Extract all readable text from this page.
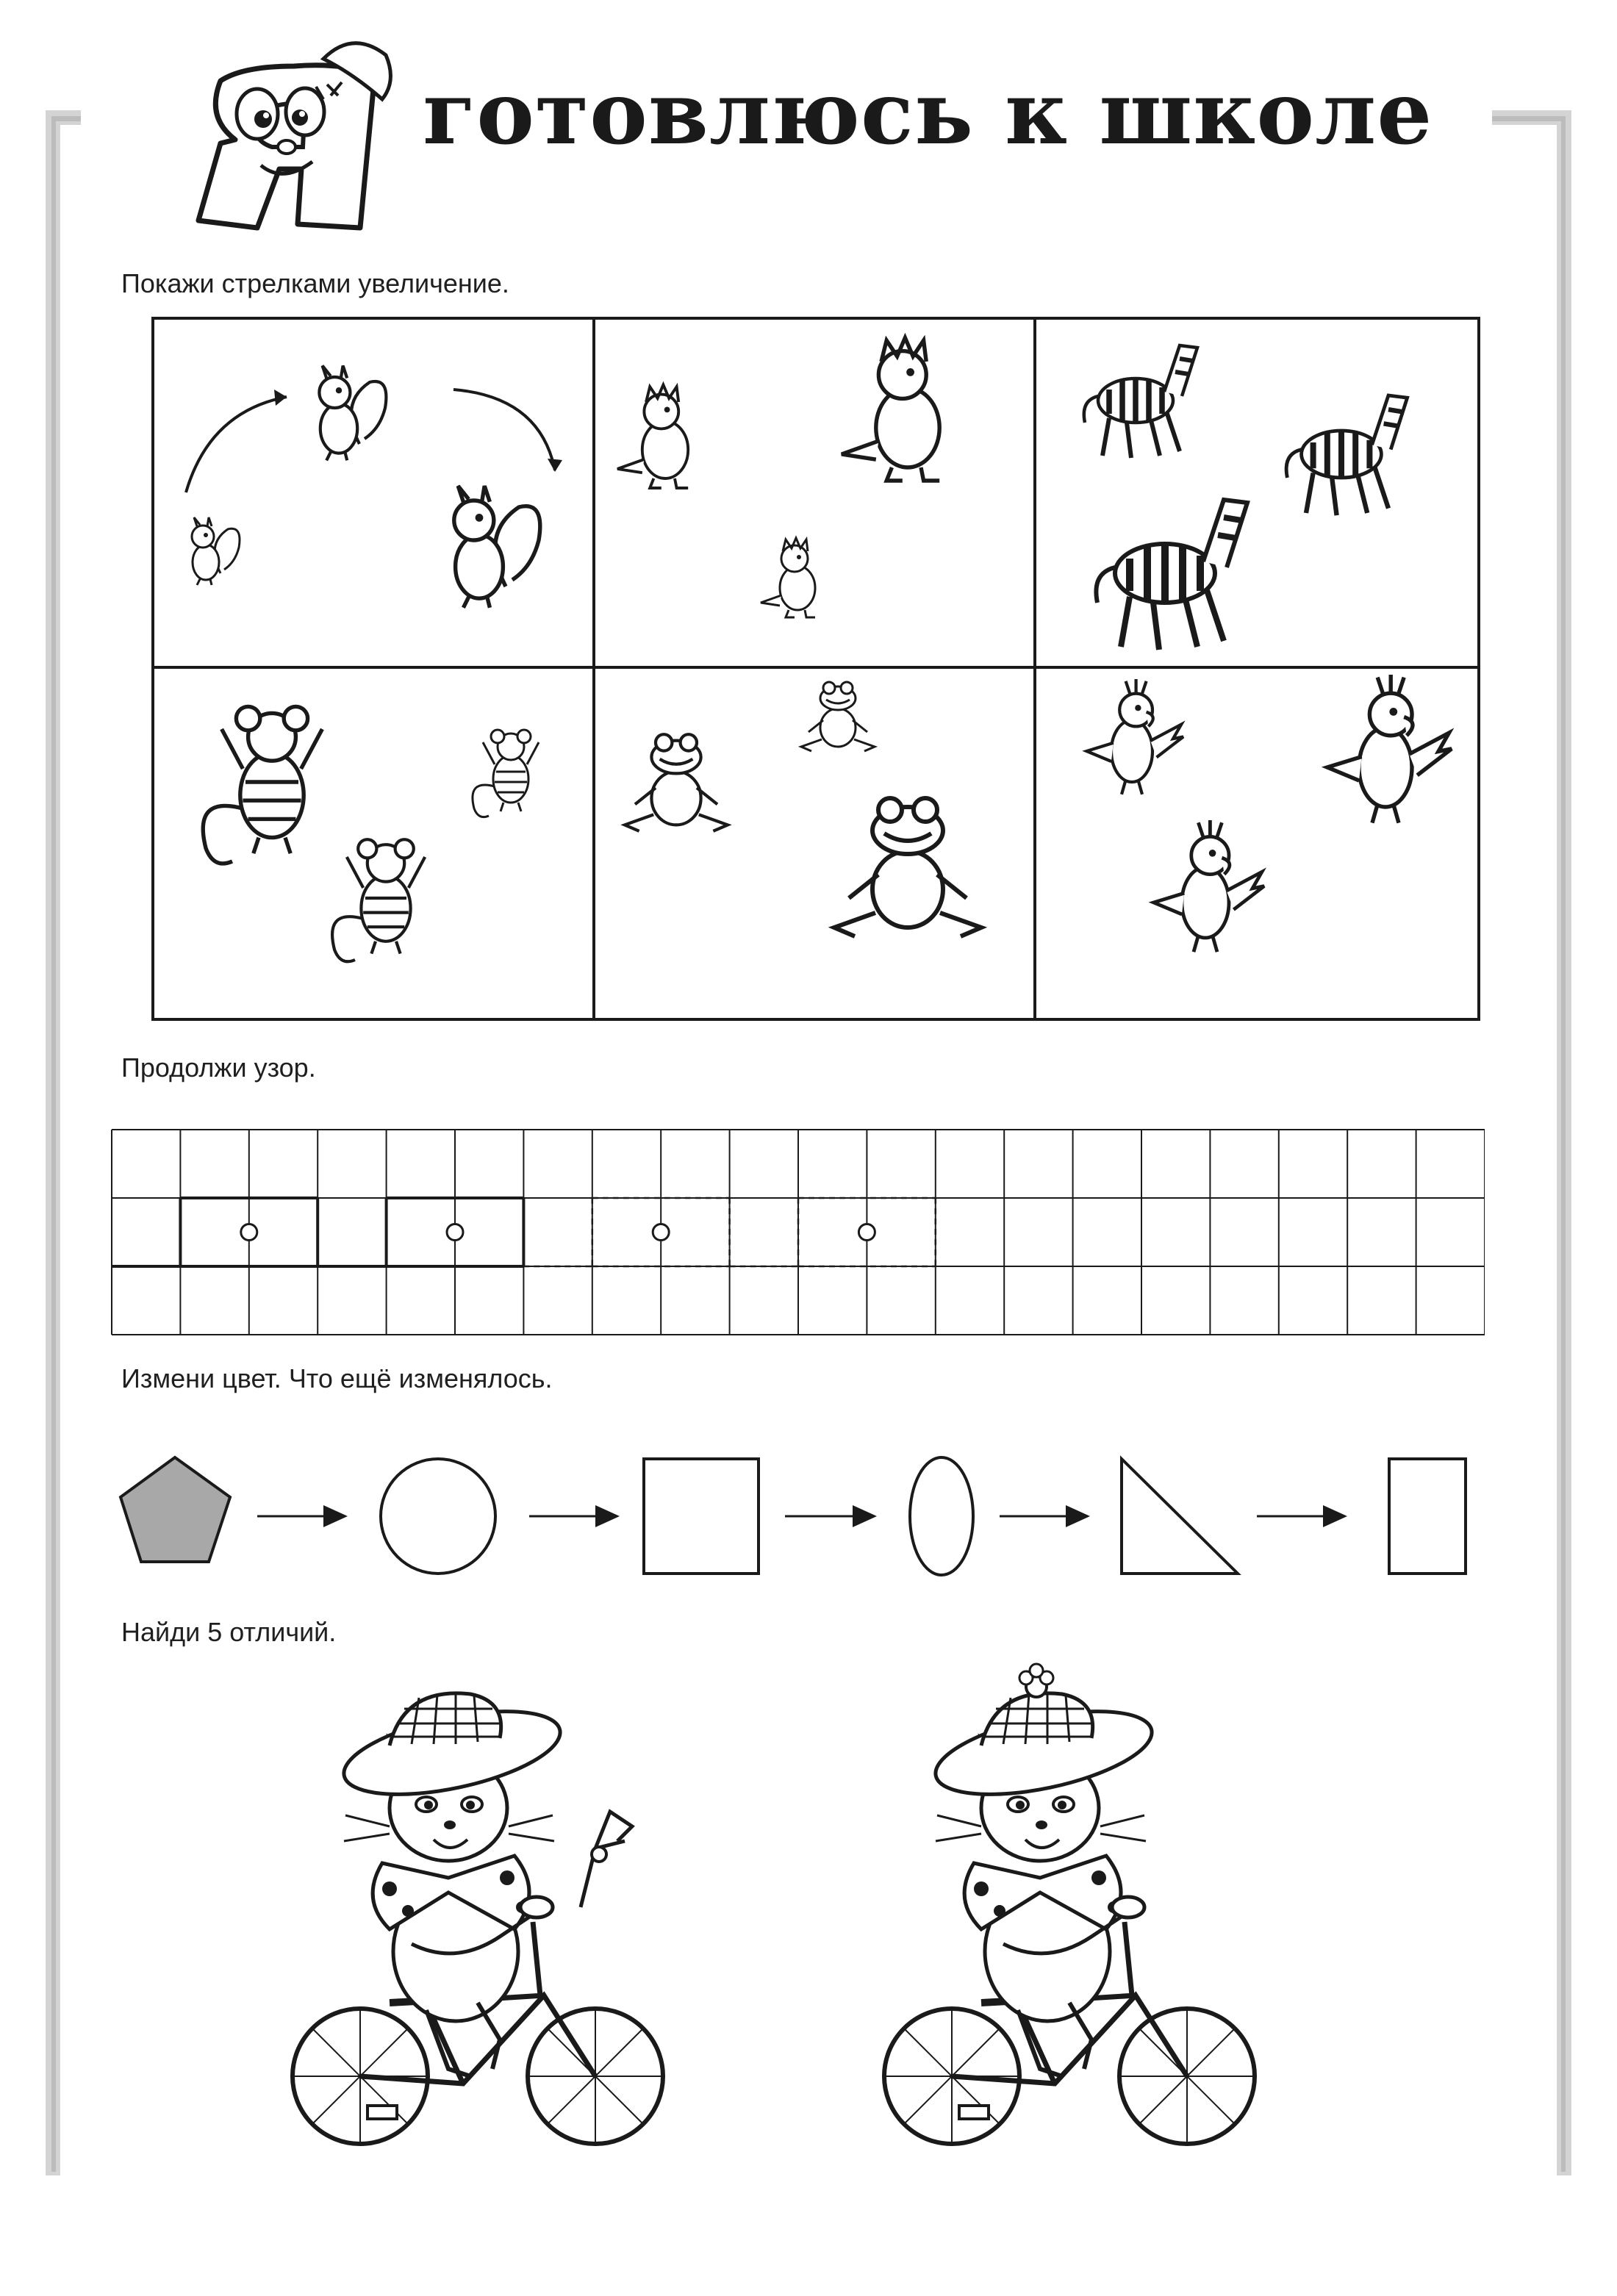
готовлюсь к школе
Покажи стрелками увеличение.
Продолжи узор.
Измени цвет. Что ещё изменялось.
Найди 5 отличий.
